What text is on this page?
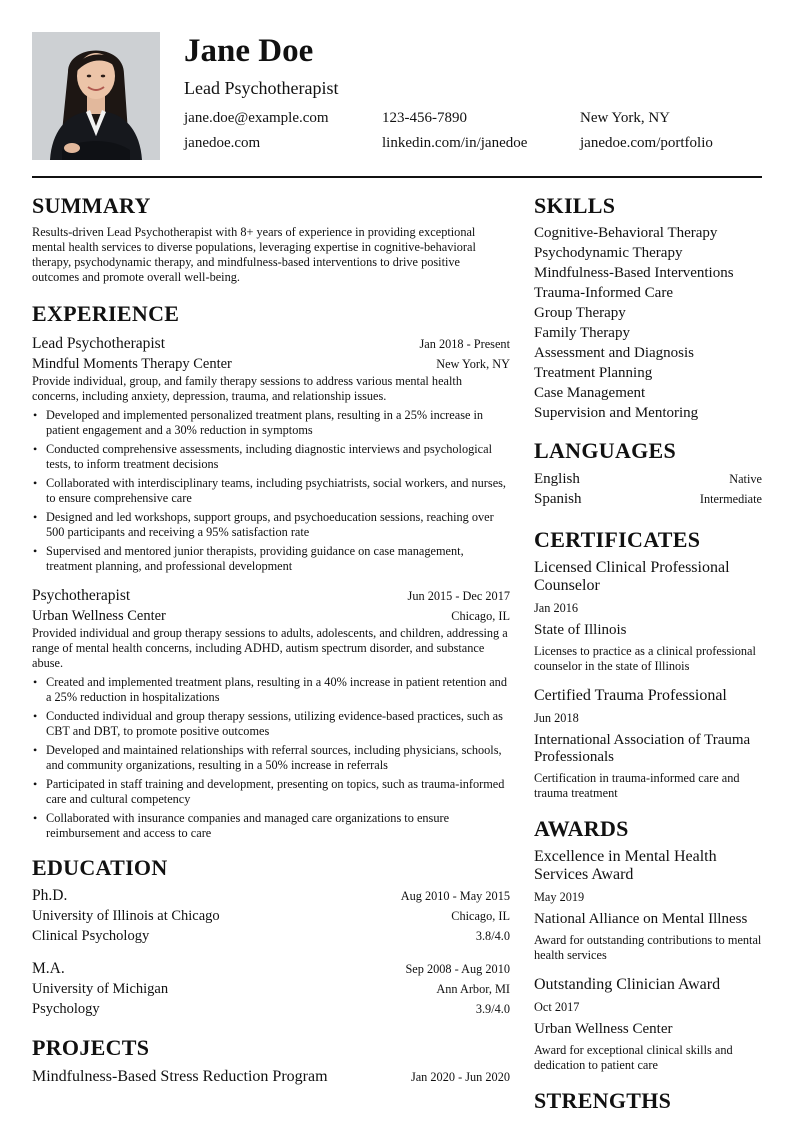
Jane Doe
Lead Psychotherapist
jane.doe@example.com	123-456-7890	New York, NY
janedoe.com	linkedin.com/in/janedoe	janedoe.com/portfolio
SUMMARY

Results-driven Lead Psychotherapist with 8+ years of experience in providing exceptional mental health services to diverse populations, leveraging expertise in cognitive-behavioral therapy, psychodynamic therapy, and mindfulness-based interventions to drive positive outcomes and promote overall well-being.

EXPERIENCE
Lead Psychotherapist	Jan 2018 - Present
Mindful Moments Therapy Center	New York, NY

Provide individual, group, and family therapy sessions to address various mental health concerns, including anxiety, depression, trauma, and relationship issues.

• Developed and implemented personalized treatment plans, resulting in a 25% increase in patient engagement and a 30% reduction in symptoms
• Conducted comprehensive assessments, including diagnostic interviews and psychological tests, to inform treatment decisions
• Collaborated with interdisciplinary teams, including psychiatrists, social workers, and nurses, to ensure comprehensive care
• Designed and led workshops, support groups, and psychoeducation sessions, reaching over 500 participants and receiving a 95% satisfaction rate
• Supervised and mentored junior therapists, providing guidance on case management, treatment planning, and professional development
Psychotherapist	Jun 2015 - Dec 2017
Urban Wellness Center	Chicago, IL

Provided individual and group therapy sessions to adults, adolescents, and children, addressing a range of mental health concerns, including ADHD, autism spectrum disorder, and substance abuse.

• Created and implemented treatment plans, resulting in a 40% increase in patient retention and a 25% reduction in hospitalizations
• Conducted individual and group therapy sessions, utilizing evidence-based practices, such as CBT and DBT, to promote positive outcomes
• Developed and maintained relationships with referral sources, including physicians, schools, and community organizations, resulting in a 50% increase in referrals
• Participated in staff training and development, presenting on topics, such as trauma-informed care and cultural competency
• Collaborated with insurance companies and managed care organizations to ensure reimbursement and access to care
EDUCATION
Ph.D.	Aug 2010 - May 2015
University of Illinois at Chicago	Chicago, IL
Clinical Psychology	3.8/4.0
M.A.	Sep 2008 - Aug 2010
University of Michigan	Ann Arbor, MI
Psychology	3.9/4.0
PROJECTS
Mindfulness-Based Stress Reduction Program	Jan 2020 - Jun 2020
SKILLS
Cognitive-Behavioral Therapy
Psychodynamic Therapy
Mindfulness-Based Interventions
Trauma-Informed Care
Group Therapy
Family Therapy
Assessment and Diagnosis
Treatment Planning
Case Management
Supervision and Mentoring
LANGUAGES
English	Native
Spanish	Intermediate
CERTIFICATES
Licensed Clinical Professional Counselor
Jan 2016
State of Illinois
Licenses to practice as a clinical professional counselor in the state of Illinois
Certified Trauma Professional
Jun 2018
International Association of Trauma Professionals
Certification in trauma-informed care and trauma treatment
AWARDS
Excellence in Mental Health Services Award
May 2019
National Alliance on Mental Illness
Award for outstanding contributions to mental health services
Outstanding Clinician Award
Oct 2017
Urban Wellness Center
Award for exceptional clinical skills and dedication to patient care
STRENGTHS
